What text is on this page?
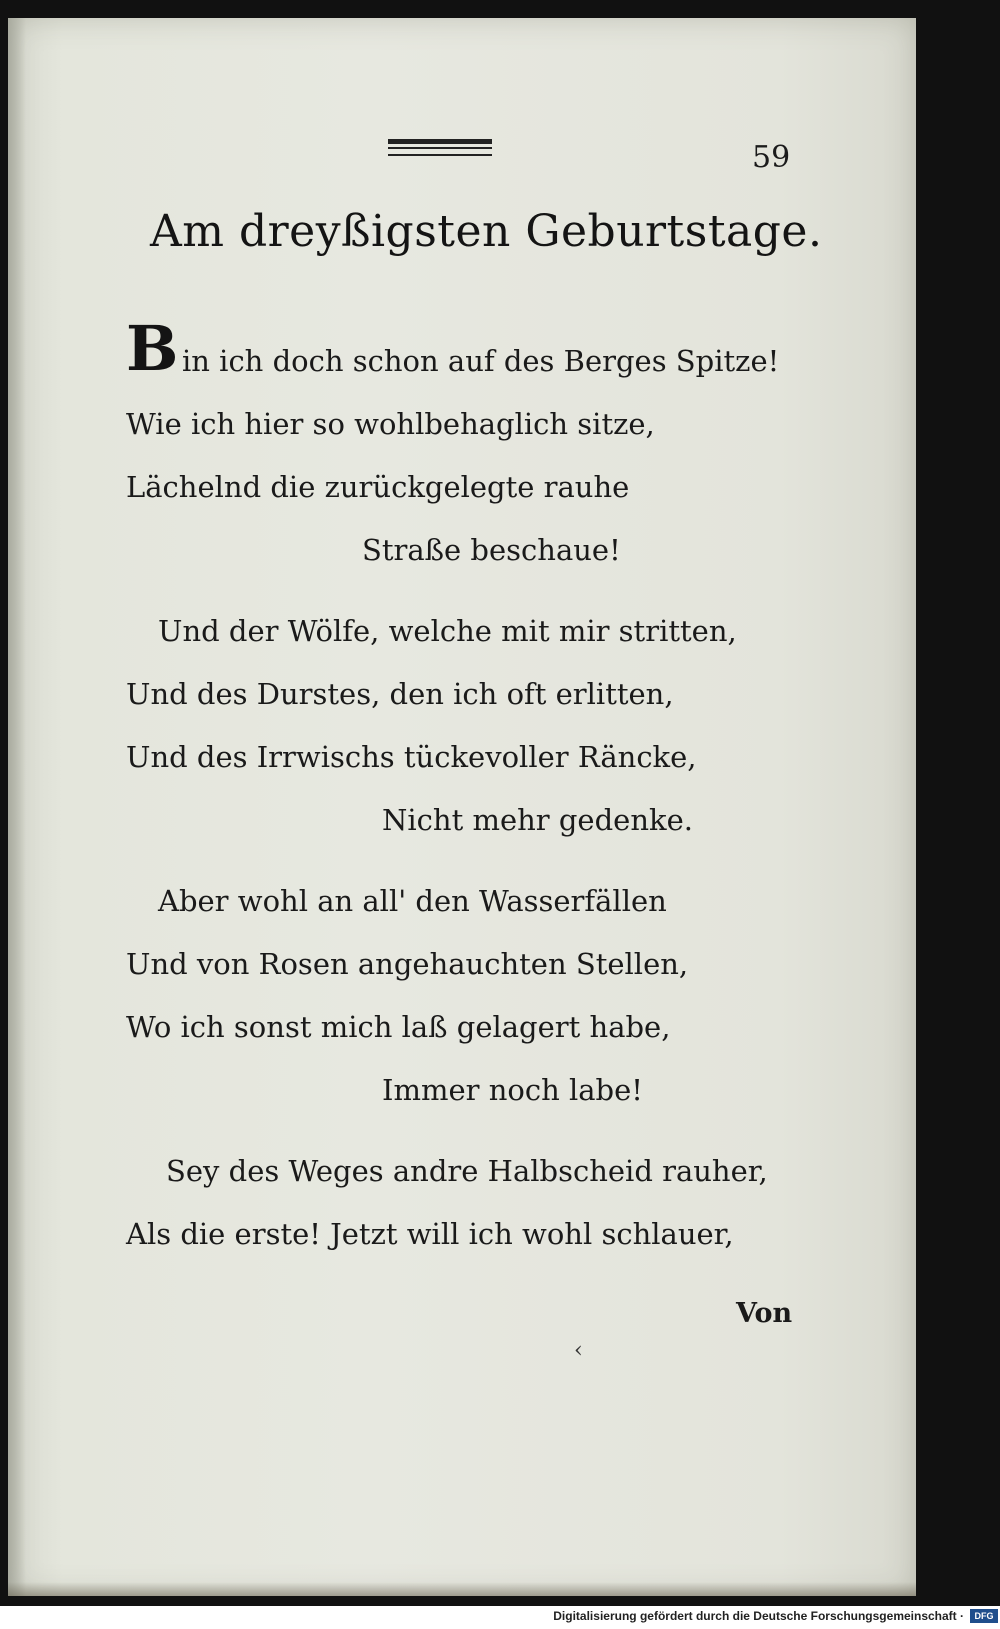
59
Am dreyßigsten Geburtstage.
B in ich doch schon auf des Berges Spitze!
Wie ich hier so wohlbehaglich sitze,
Lächelnd die zurückgelegte rauhe
Straße beschaue!
Und der Wölfe, welche mit mir stritten,
Und des Durstes, den ich oft erlitten,
Und des Irrwischs tückevoller Räncke,
Nicht mehr gedenke.
Aber wohl an all' den Wasserfällen
Und von Rosen angehauchten Stellen,
Wo ich sonst mich laß gelagert habe,
Immer noch labe!
Sey des Weges andre Halbscheid rauher,
Als die erste! Jetzt will ich wohl schlauer,
Von
‹
Digitalisierung gefördert durch die Deutsche Forschungsgemeinschaft ·	DFG
